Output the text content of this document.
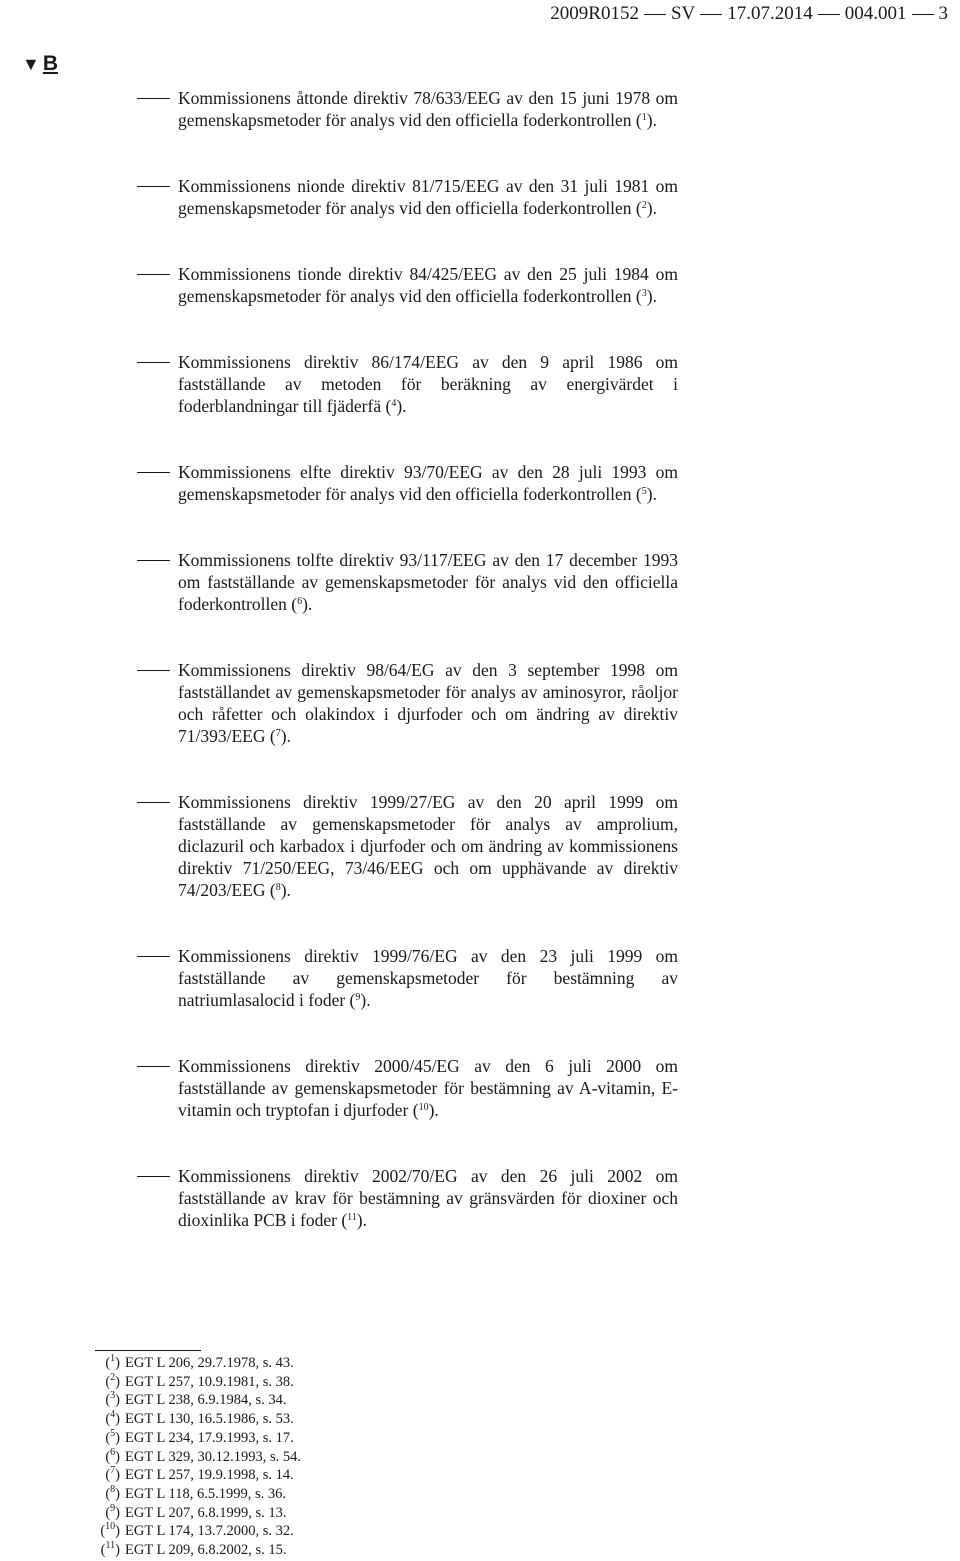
2009R0152 SV 17.07.2014 004.001 3
▼ B
Kommissionens åttonde direktiv 78/633/EEG av den 15 juni 1978 om gemenskapsmetoder för analys vid den officiella foderkontrollen ($^1$).
Kommissionens nionde direktiv 81/715/EEG av den 31 juli 1981 om gemenskapsmetoder för analys vid den officiella foderkontrollen ($^2$).
Kommissionens tionde direktiv 84/425/EEG av den 25 juli 1984 om gemenskapsmetoder för analys vid den officiella foderkontrollen ($^3$).
Kommissionens direktiv 86/174/EEG av den 9 april 1986 om fastställande av metoden för beräkning av energivärdet i foderblandningar till fjäderfä ($^4$).
Kommissionens elfte direktiv 93/70/EEG av den 28 juli 1993 om gemenskapsmetoder för analys vid den officiella foderkontrollen ($^5$).
Kommissionens tolfte direktiv 93/117/EEG av den 17 december 1993 om fastställande av gemenskapsmetoder för analys vid den officiella foderkontrollen ($^6$).
Kommissionens direktiv 98/64/EG av den 3 september 1998 om fastställandet av gemenskapsmetoder för analys av aminosyror, råoljor och råfetter och olakindox i djurfoder och om ändring av direktiv 71/393/EEG ($^7$).
Kommissionens direktiv 1999/27/EG av den 20 april 1999 om fastställande av gemenskapsmetoder för analys av amprolium, diclazuril och karbadox i djurfoder och om ändring av kommissionens direktiv 71/250/EEG, 73/46/EEG och om upphävande av direktiv 74/203/EEG ($^8$).
Kommissionens direktiv 1999/76/EG av den 23 juli 1999 om fastställande av gemenskapsmetoder för bestämning av natriumlasalocid i foder ($^9$).
Kommissionens direktiv 2000/45/EG av den 6 juli 2000 om fastställande av gemenskapsmetoder för bestämning av A-vitamin, E-vitamin och tryptofan i djurfoder ($^{10}$).
Kommissionens direktiv 2002/70/EG av den 26 juli 2002 om fastställande av krav för bestämning av gränsvärden för dioxiner och dioxinlika PCB i foder ($^{11}$).
($^1$) EGT L 206, 29.7.1978, s. 43.
($^2$) EGT L 257, 10.9.1981, s. 38.
($^3$) EGT L 238, 6.9.1984, s. 34.
($^4$) EGT L 130, 16.5.1986, s. 53.
($^5$) EGT L 234, 17.9.1993, s. 17.
($^6$) EGT L 329, 30.12.1993, s. 54.
($^7$) EGT L 257, 19.9.1998, s. 14.
($^8$) EGT L 118, 6.5.1999, s. 36.
($^9$) EGT L 207, 6.8.1999, s. 13.
($^{10}$) EGT L 174, 13.7.2000, s. 32.
($^{11}$) EGT L 209, 6.8.2002, s. 15.
